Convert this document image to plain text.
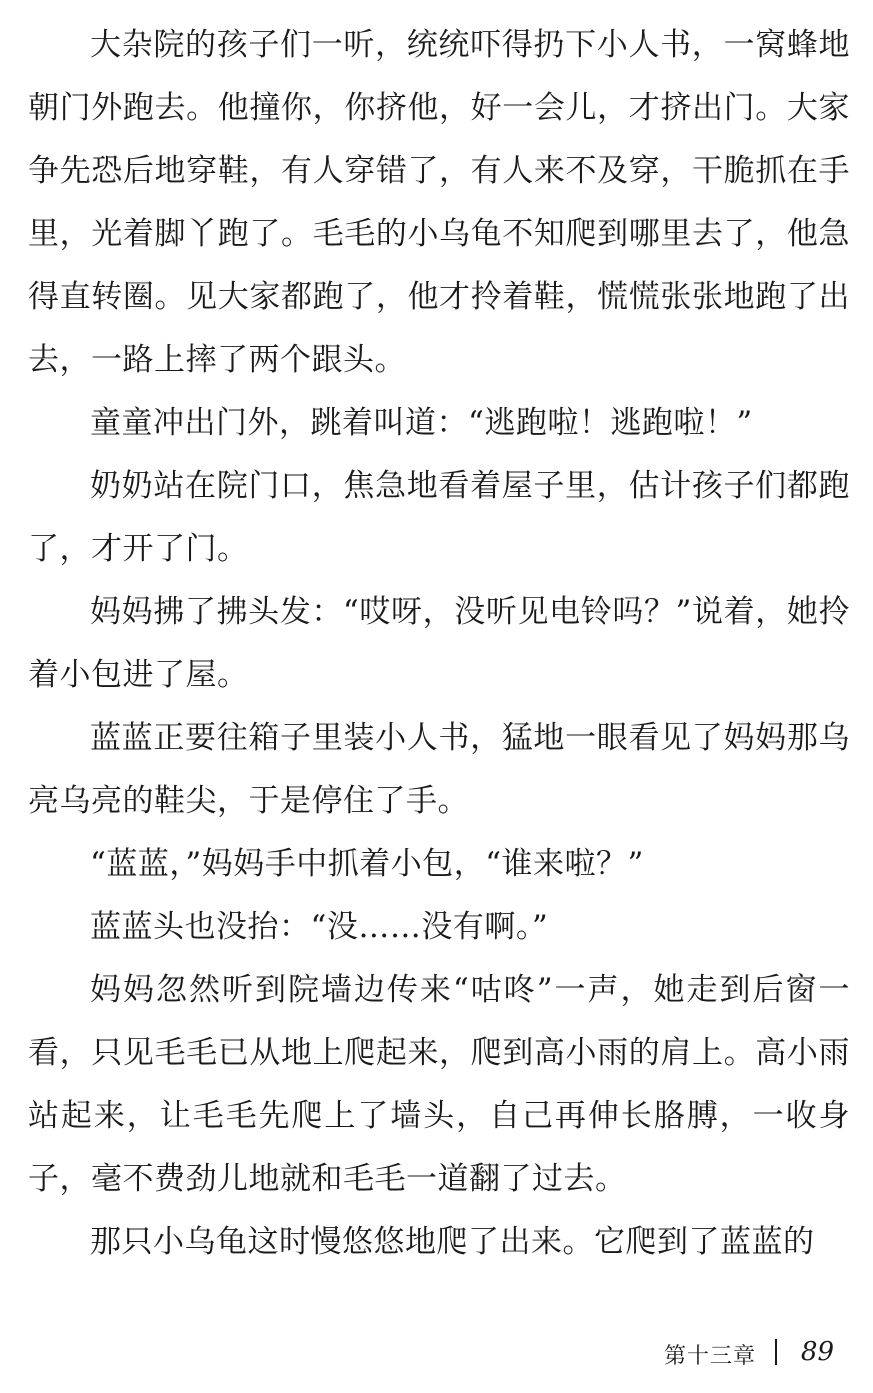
大杂院的孩子们一听，统统吓得扔下小人书，一窝蜂地朝门外跑去。他撞你，你挤他，好一会儿，才挤出门。大家争先恐后地穿鞋，有人穿错了，有人来不及穿，干脆抓在手里，光着脚丫跑了。毛毛的小乌龟不知爬到哪里去了，他急得直转圈。见大家都跑了，他才拎着鞋，慌慌张张地跑了出去，一路上摔了两个跟头。

童童冲出门外，跳着叫道：“逃跑啦！逃跑啦！”

奶奶站在院门口，焦急地看着屋子里，估计孩子们都跑了，才开了门。

妈妈拂了拂头发：“哎呀，没听见电铃吗？”说着，她拎着小包进了屋。

蓝蓝正要往箱子里装小人书，猛地一眼看见了妈妈那乌亮乌亮的鞋尖，于是停住了手。

“蓝蓝，”妈妈手中抓着小包，“谁来啦？”

蓝蓝头也没抬：“没……没有啊。”

妈妈忽然听到院墙边传来“咕咚”一声，她走到后窗一看，只见毛毛已从地上爬起来，爬到高小雨的肩上。高小雨站起来，让毛毛先爬上了墙头，自己再伸长胳膊，一收身子，毫不费劲儿地就和毛毛一道翻了过去。

那只小乌龟这时慢悠悠地爬了出来。它爬到了蓝蓝的

第十三章 89
